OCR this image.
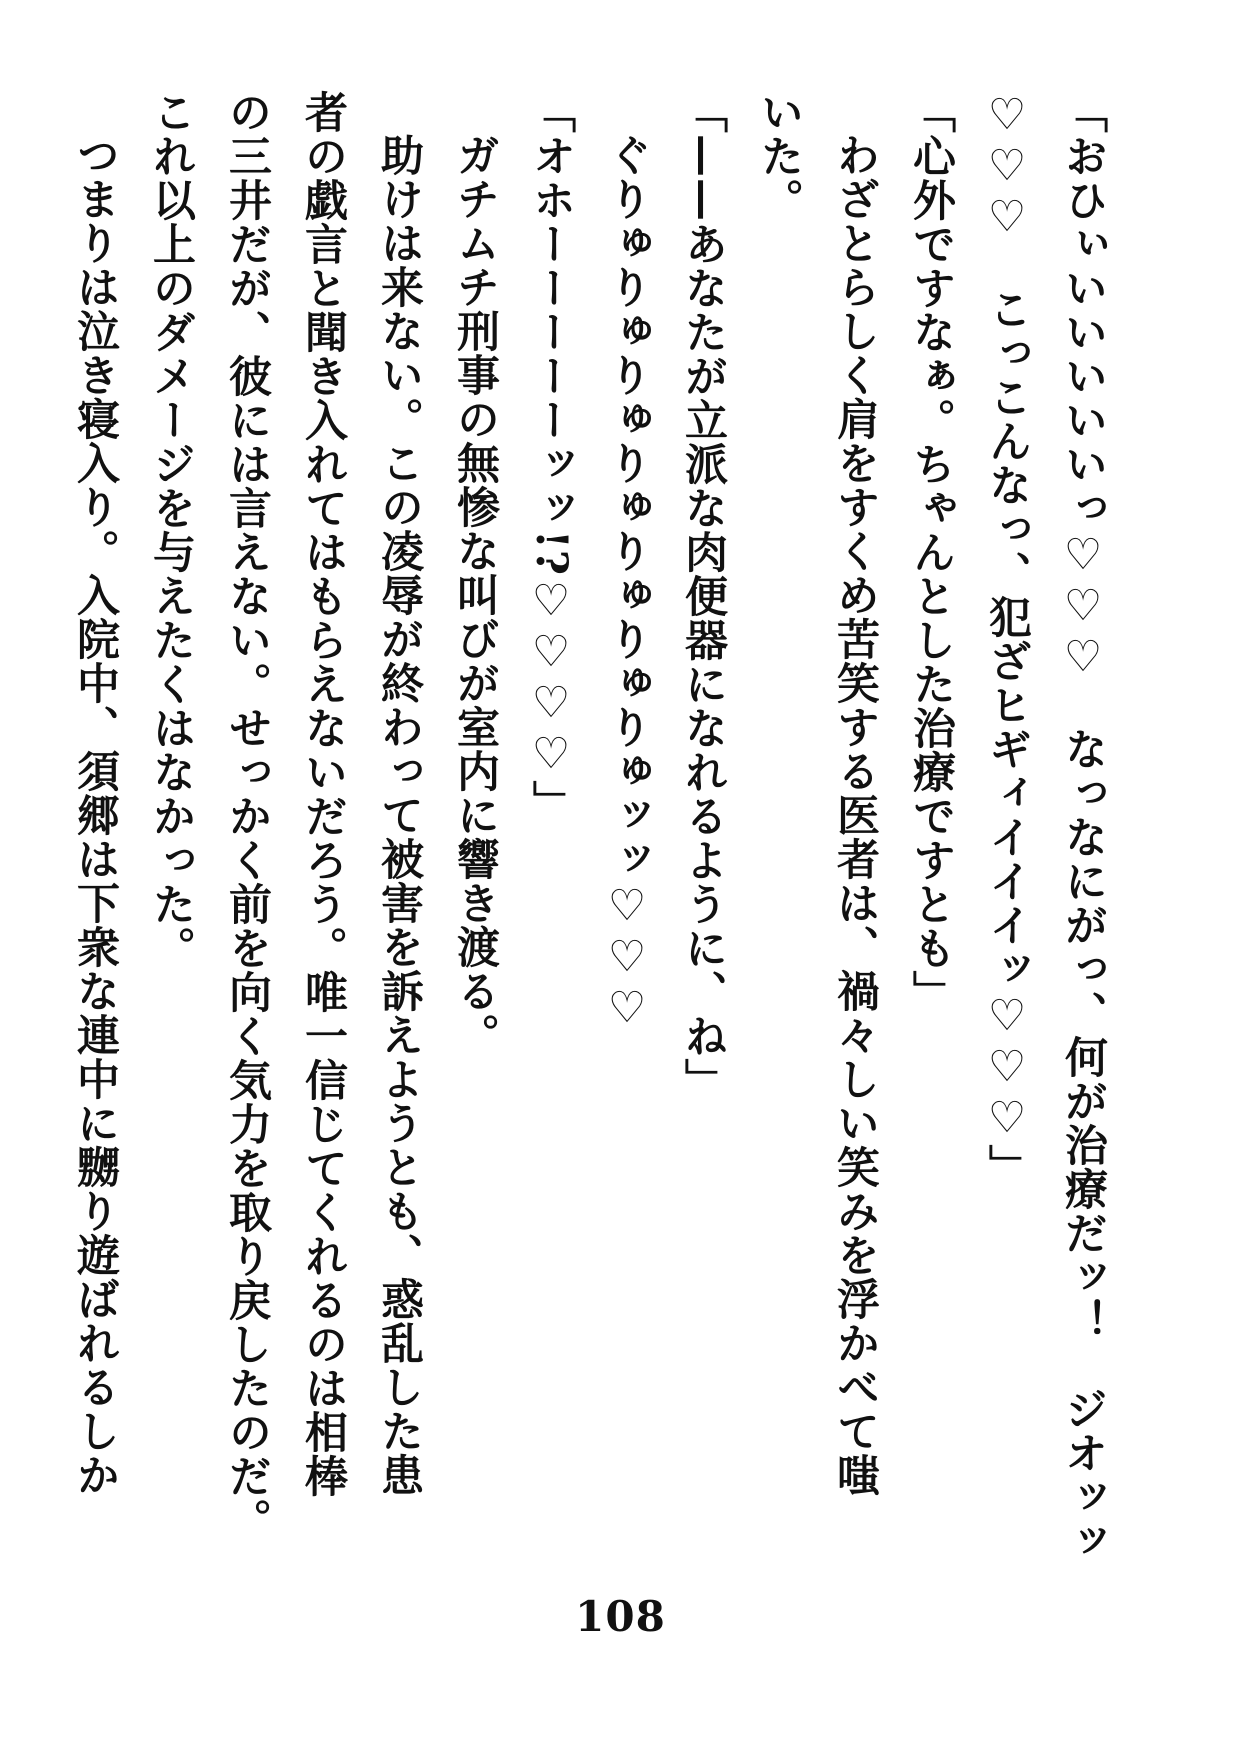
「おひぃいいいいいっ♡♡♡　なっなにがっ、何が治療だッ！　ジオッッ

♡♡♡　こっこんなっ、犯ざヒギィイイイッ♡♡♡」

「心外ですなぁ。ちゃんとした治療ですとも」

わざとらしく肩をすくめ苦笑する医者は、禍々しい笑みを浮かべて嗤

いた。

「——あなたが立派な肉便器になれるように、ね」

ぐりゅりゅりゅりゅりゅりゅりゅッッ♡♡♡

「オホーーーーーッッ!?♡♡♡♡」

ガチムチ刑事の無惨な叫びが室内に響き渡る。

助けは来ない。この凌辱が終わって被害を訴えようとも、惑乱した患

者の戯言と聞き入れてはもらえないだろう。唯一信じてくれるのは相棒

の三井だが、彼には言えない。せっかく前を向く気力を取り戻したのだ。

これ以上のダメージを与えたくはなかった。

つまりは泣き寝入り。入院中、須郷は下衆な連中に嬲り遊ばれるしか

108
